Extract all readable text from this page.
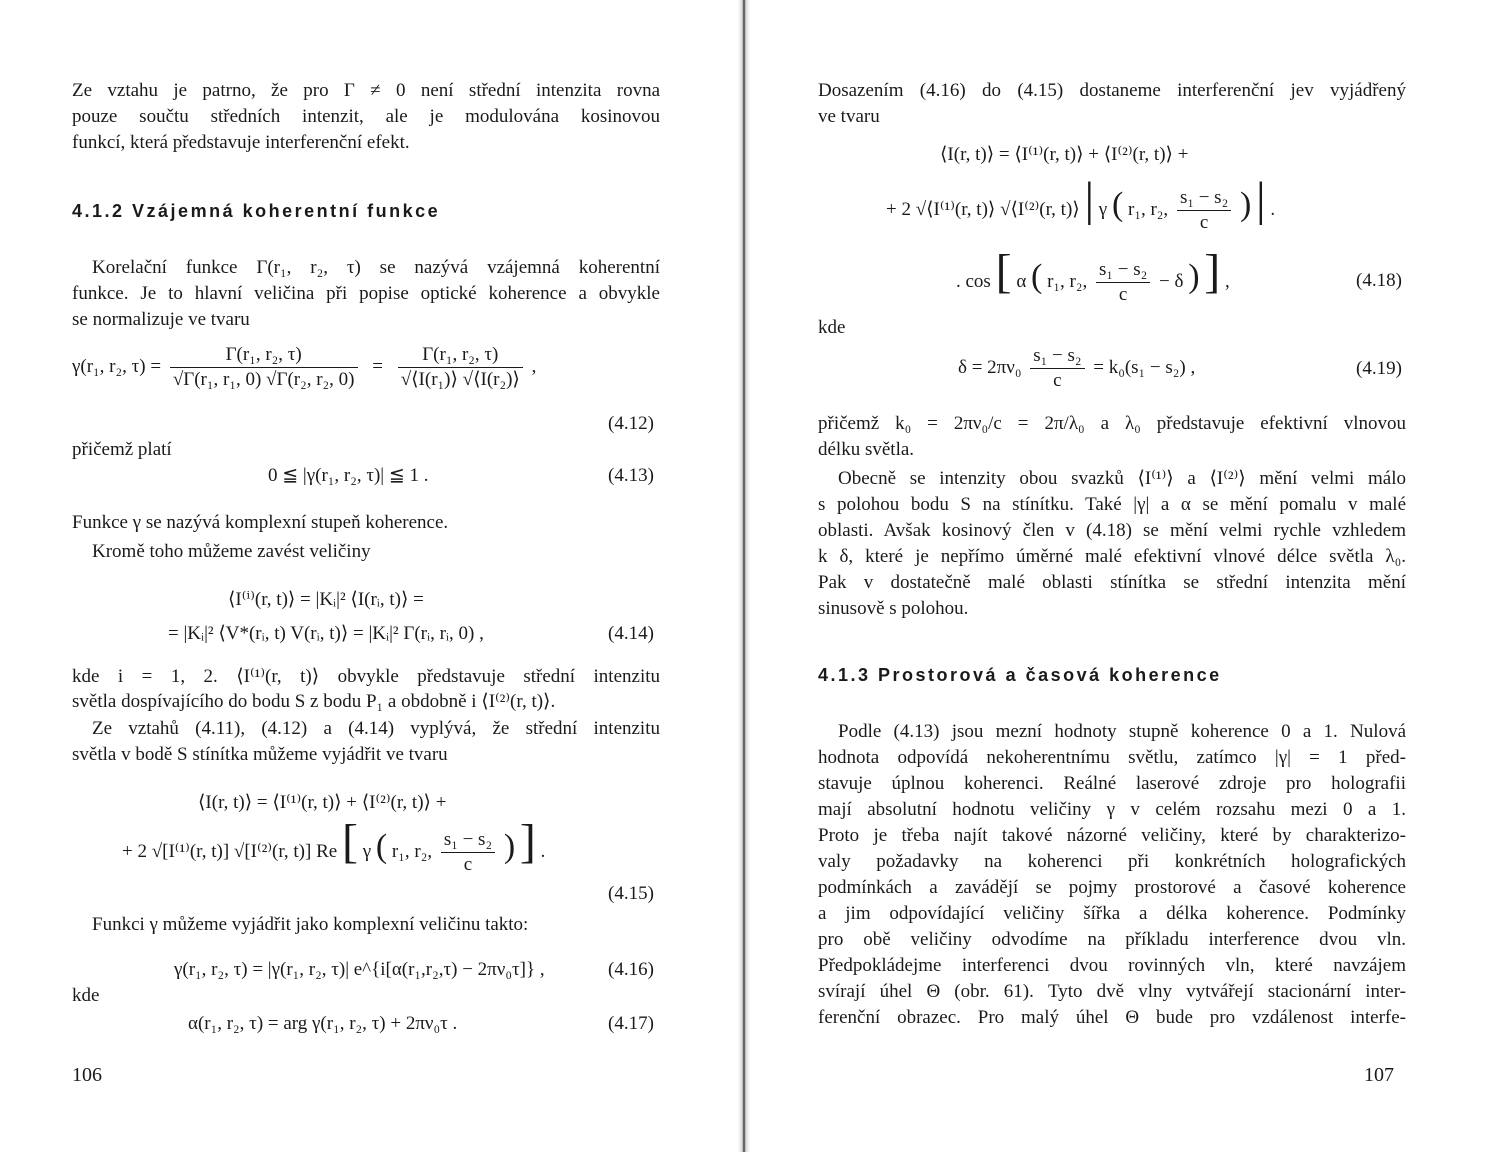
Ze vztahu je patrno, že pro Γ ≠ 0 není střední intenzita rovna
pouze součtu středních intenzit, ale je modulována kosinovou
funkcí, která představuje interferenční efekt.
4.1.2 Vzájemná koherentní funkce
Korelační funkce Γ(r₁, r₂, τ) se nazývá vzájemná koherentní
funkce. Je to hlavní veličina při popise optické koherence a obvykle
se normalizuje ve tvaru
γ(r₁, r₂, $\tau) = \frac{\text{Γ(r₁, r₂, τ)}}{\text{√Γ(r₁, r₁, 0) √Γ(r₂, r₂, 0)}} = \frac{\text{Γ(r₁, r₂, τ)}}{\text{√⟨I(r₁)⟩ √⟨I(r₂)⟩}}$ ,
(4.12)
přičemž platí
0 ≦ |γ(r₁, r₂, τ)| ≦ 1 .	(4.13)
Funkce γ se nazývá komplexní stupeň koherence.
Kromě toho můžeme zavést veličiny
⟨I⁽ⁱ⁾(r, t)⟩ = |Kᵢ|² ⟨I(rᵢ, t)⟩ =
= |Kᵢ|² ⟨V*(rᵢ, t) V(rᵢ, t)⟩ = |Kᵢ|² Γ(rᵢ, rᵢ, 0) ,	(4.14)
kde i = 1, 2. ⟨I⁽¹⁾(r, t)⟩ obvykle představuje střední intenzitu
světla dospívajícího do bodu S z bodu P₁ a obdobně i ⟨I⁽²⁾(r, t)⟩.
Ze vztahů (4.11), (4.12) a (4.14) vyplývá, že střední intenzitu
světla v bodě S stínítka můžeme vyjádřit ve tvaru
⟨I(r, t)⟩ = ⟨I⁽¹⁾(r, t)⟩ + ⟨I⁽²⁾(r, t)⟩ +
+ 2 √[I⁽¹⁾(r, t)] √[I⁽²⁾(r, t)] Re [ γ ( r₁, r₂, $\frac{\text{s₁ − s₂}}{c}$ ) ] .
(4.15)
Funkci γ můžeme vyjádřit jako komplexní veličinu takto:
γ(r₁, r₂, τ) = |γ(r₁, r₂, τ)| e^{i[α(r₁,r₂,τ) − 2πν₀τ]} ,	(4.16)
kde
α(r₁, r₂, τ) = arg γ(r₁, r₂, τ) + 2πν₀τ .	(4.17)
106
Dosazením (4.16) do (4.15) dostaneme interferenční jev vyjádřený
ve tvaru
⟨I(r, t)⟩ = ⟨I⁽¹⁾(r, t)⟩ + ⟨I⁽²⁾(r, t)⟩ +
+ 2 √⟨I⁽¹⁾(r, t)⟩ √⟨I⁽²⁾(r, t)⟩ | γ ( r₁, r₂, $\frac{\text{s₁ − s₂}}{c}$ ) | .
. cos [ α ( r₁, r₂, $\frac{\text{s₁ − s₂}}{c} - \delta$ ) ] ,	(4.18)
kde
$\delta = 2\pi\nu_0 \frac{\text{s₁ − s₂}}{c} = k_0(s_1 - s_2)$ ,	(4.19)
přičemž k₀ = 2πν₀/c = 2π/λ₀ a λ₀ představuje efektivní vlnovou
délku světla.
Obecně se intenzity obou svazků ⟨I⁽¹⁾⟩ a ⟨I⁽²⁾⟩ mění velmi málo
s polohou bodu S na stínítku. Také |γ| a α se mění pomalu v malé
oblasti. Avšak kosinový člen v (4.18) se mění velmi rychle vzhledem
k δ, které je nepřímo úměrné malé efektivní vlnové délce světla λ₀.
Pak v dostatečně malé oblasti stínítka se střední intenzita mění
sinusově s polohou.
4.1.3 Prostorová a časová koherence
Podle (4.13) jsou mezní hodnoty stupně koherence 0 a 1. Nulová
hodnota odpovídá nekoherentnímu světlu, zatímco |γ| = 1 před-
stavuje úplnou koherenci. Reálné laserové zdroje pro holografii
mají absolutní hodnotu veličiny γ v celém rozsahu mezi 0 a 1.
Proto je třeba najít takové názorné veličiny, které by charakterizo-
valy požadavky na koherenci při konkrétních holografických
podmínkách a zavádějí se pojmy prostorové a časové koherence
a jim odpovídající veličiny šířka a délka koherence. Podmínky
pro obě veličiny odvodíme na příkladu interference dvou vln.
Předpokládejme interferenci dvou rovinných vln, které navzájem
svírají úhel Θ (obr. 61). Tyto dvě vlny vytvářejí stacionární inter-
ferenční obrazec. Pro malý úhel Θ bude pro vzdálenost interfe-
107
